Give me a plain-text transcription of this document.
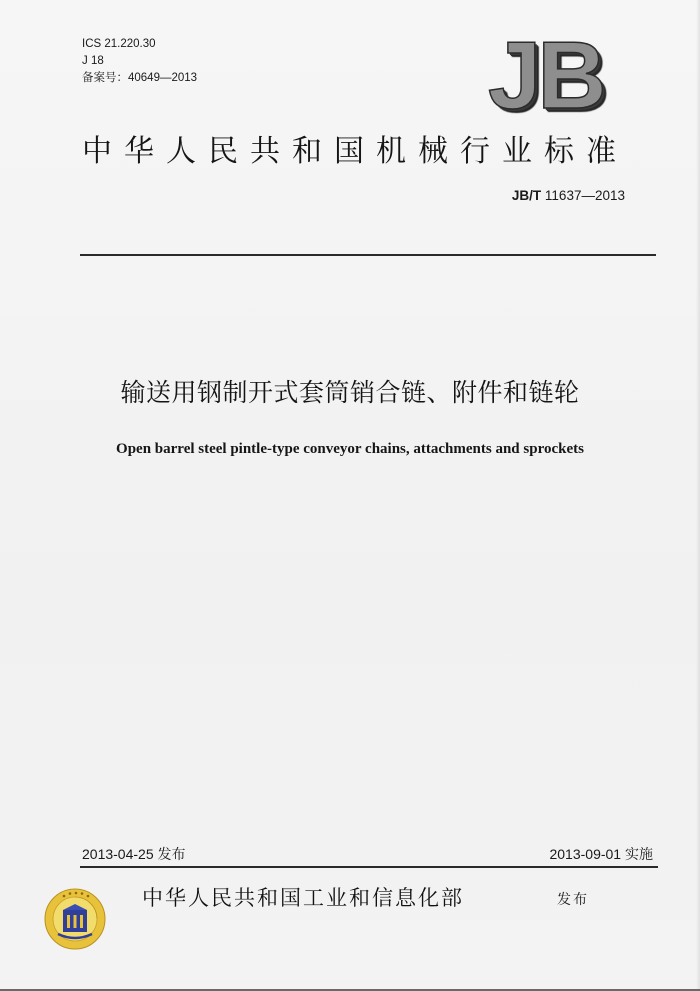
ICS 21.220.30
J 18
备案号：40649—2013	JB
中华人民共和国机械行业标准
JB/T 11637—2013
输送用钢制开式套筒销合链、附件和链轮
Open barrel steel pintle-type conveyor chains, attachments and sprockets
2013-04-25 发布	2013-09-01 实施
中华人民共和国工业和信息化部	发布
